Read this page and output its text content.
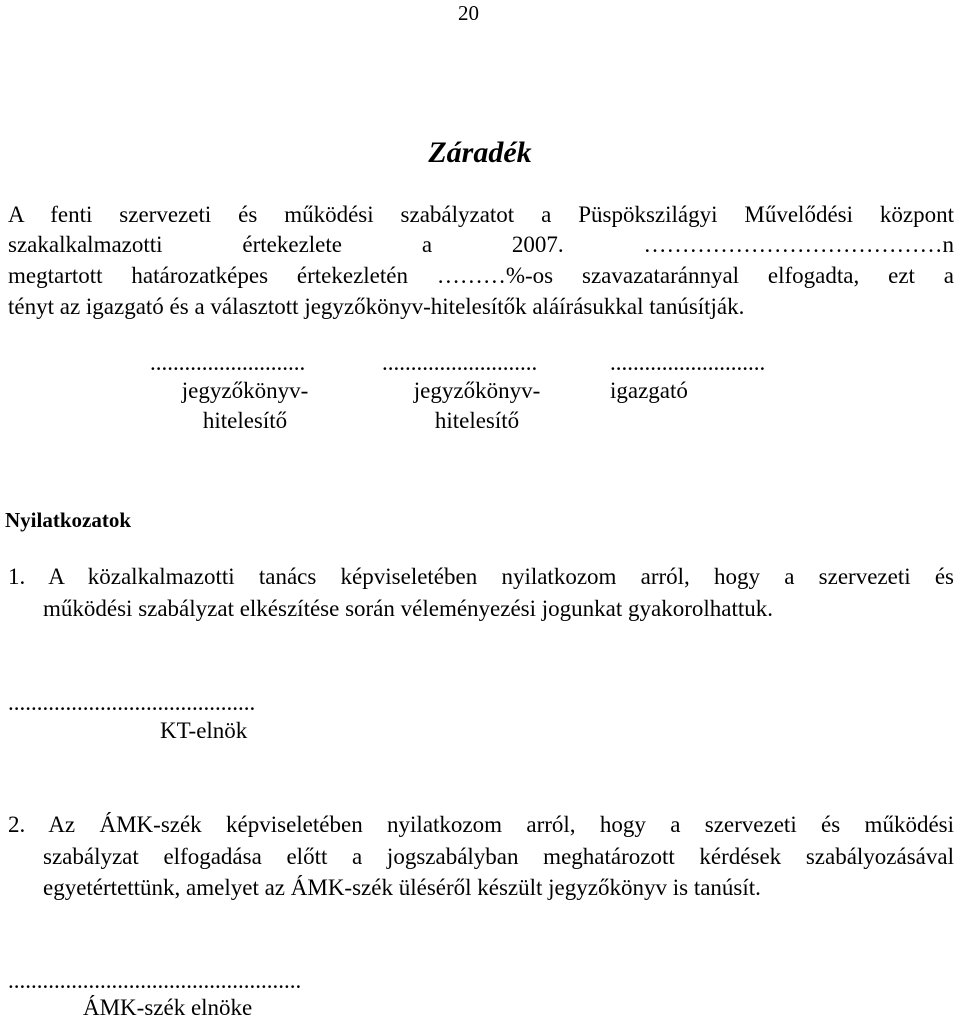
20
Záradék
A fenti szervezeti és működési szabályzatot a Püspökszilágyi Művelődési központ
szakalkalmazotti értekezlete a 2007. …………………………………n
megtartott határozatképes értekezletén ………%-os szavazataránnyal elfogadta, ezt a
tényt az igazgató és a választott jegyzőkönyv-hitelesítők aláírásukkal tanúsítják.
...........................
jegyzőkönyv-
hitelesítő
...........................
jegyzőkönyv-
hitelesítő
...........................
igazgató
Nyilatkozatok
1. A közalkalmazotti tanács képviseletében nyilatkozom arról, hogy a szervezeti és
működési szabályzat elkészítése során véleményezési jogunkat gyakorolhattuk.
...........................................
KT-elnök
2. Az ÁMK-szék képviseletében nyilatkozom arról, hogy a szervezeti és működési
szabályzat elfogadása előtt a jogszabályban meghatározott kérdések szabályozásával
egyetértettünk, amelyet az ÁMK-szék üléséről készült jegyzőkönyv is tanúsít.
...................................................
ÁMK-szék elnöke
